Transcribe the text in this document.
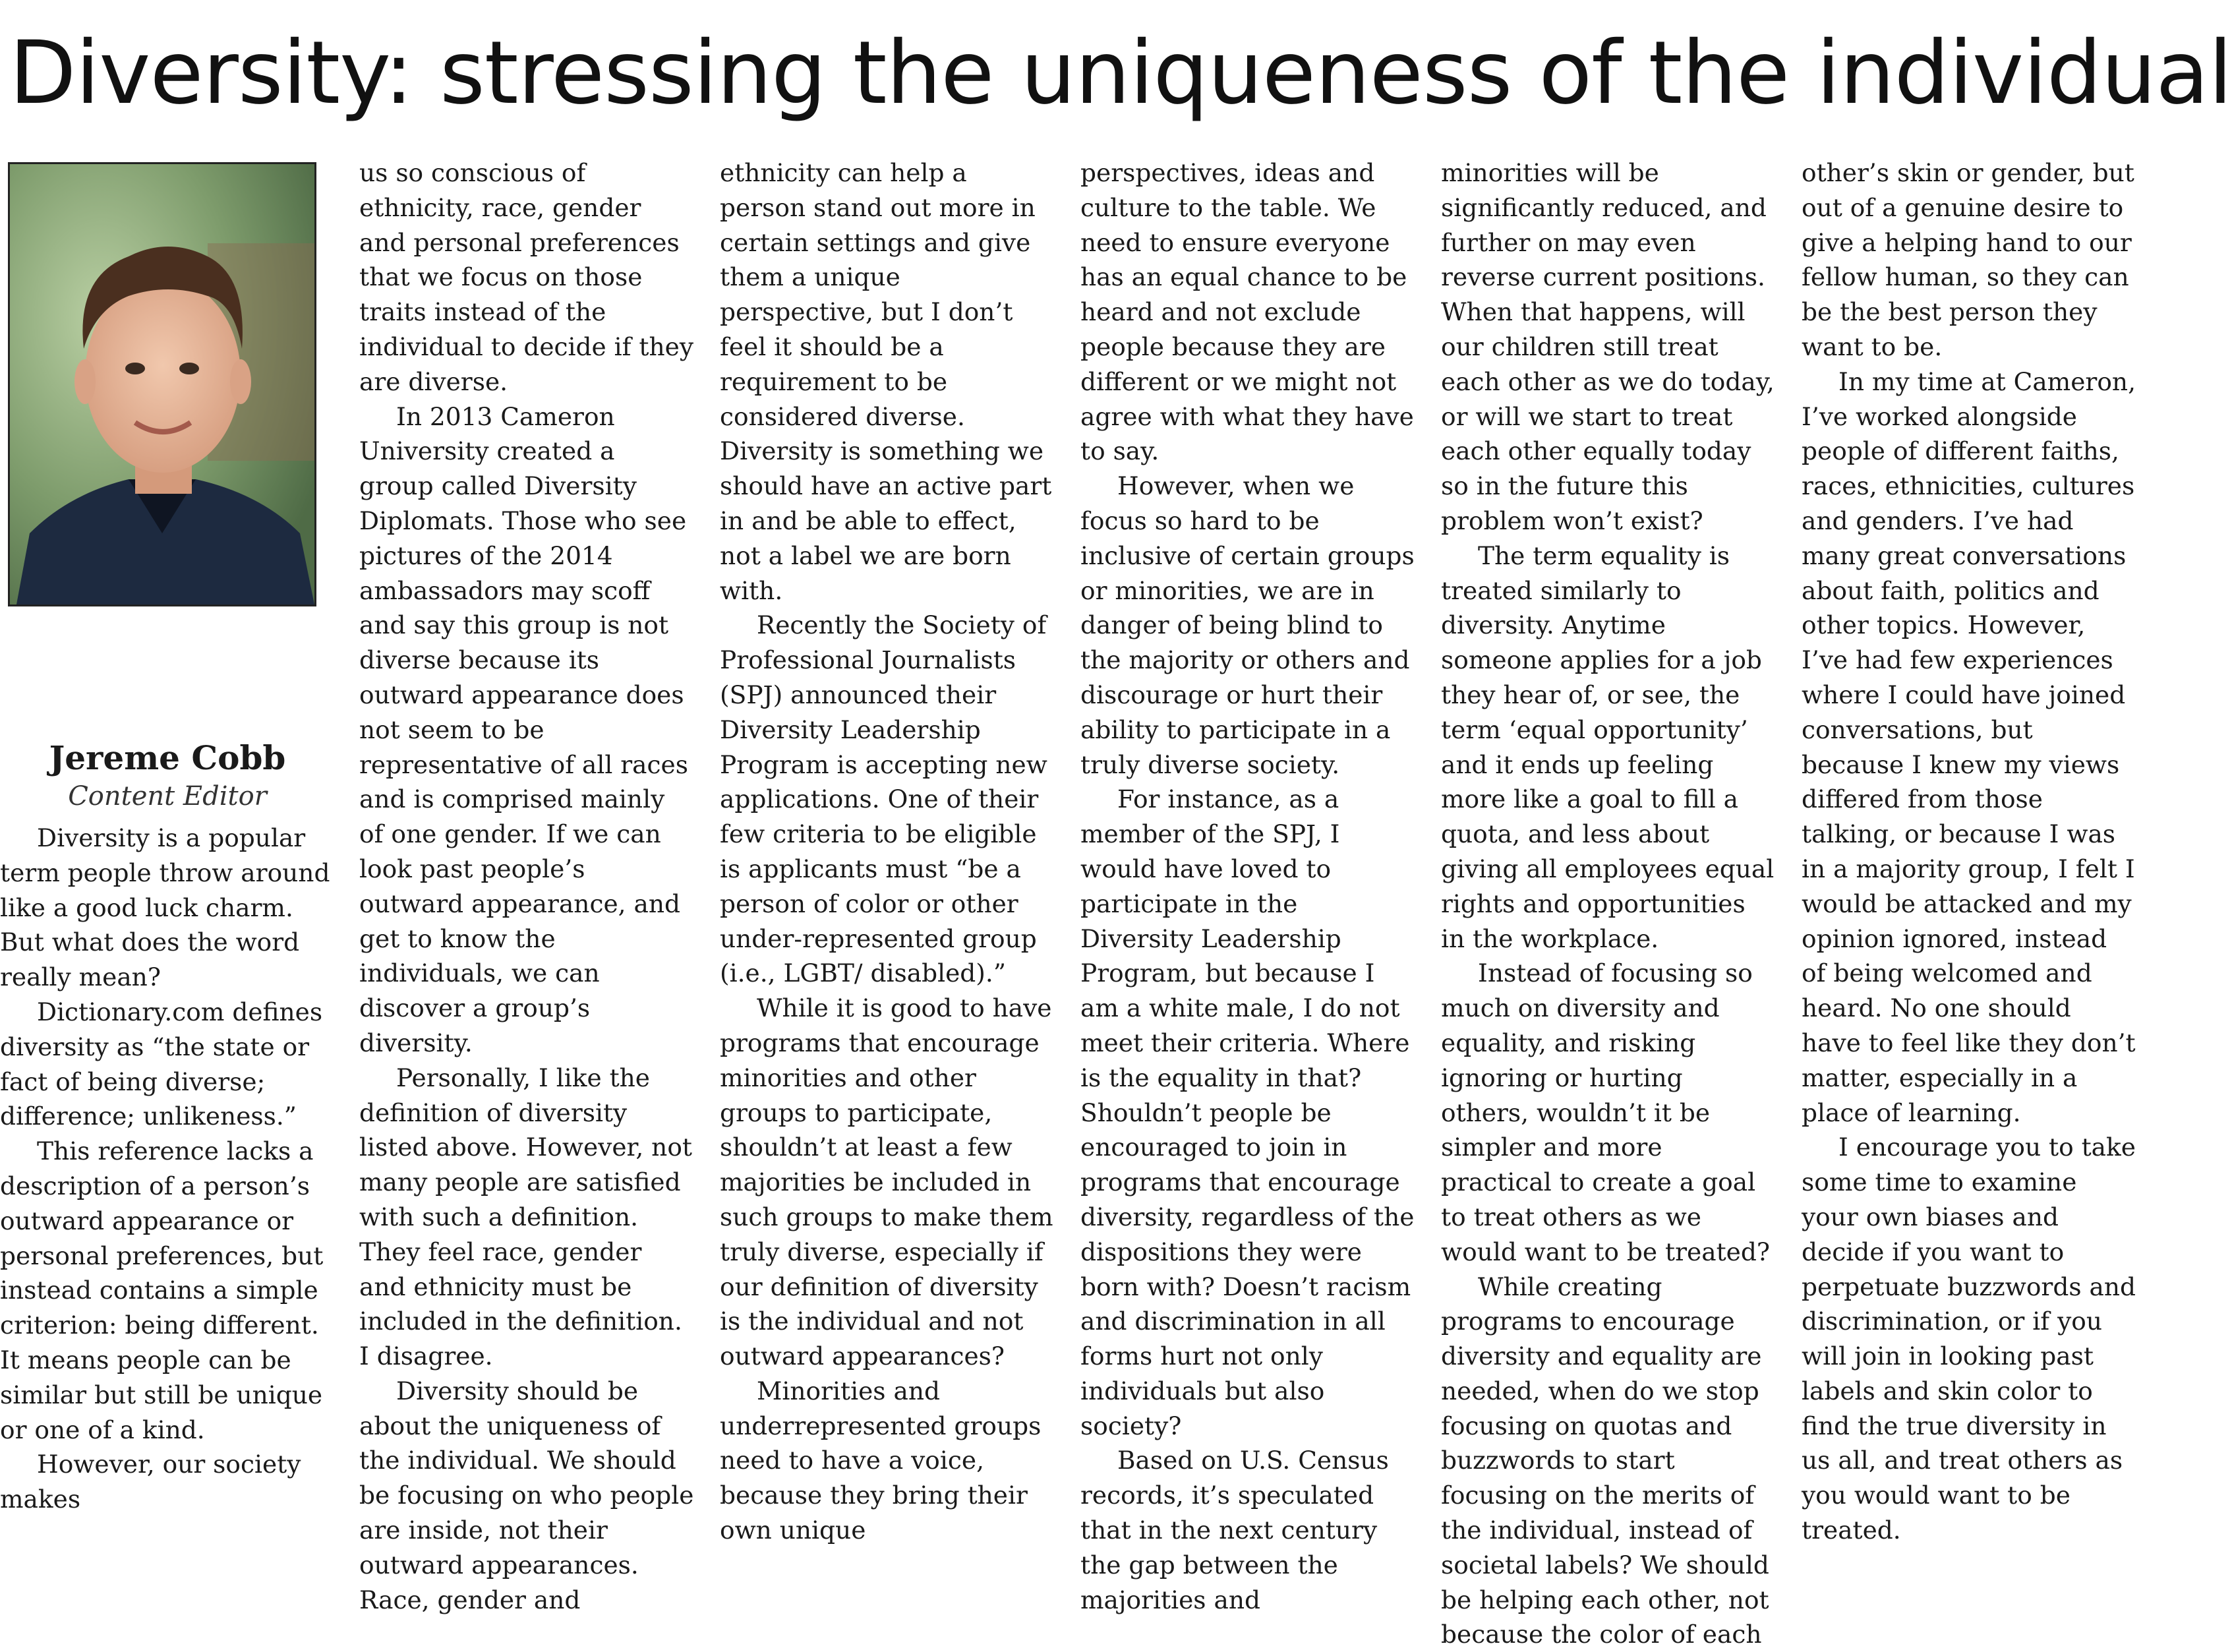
Diversity: stressing the uniqueness of the individual
Jereme Cobb
Content Editor

Diversity is a popular term people throw around like a good luck charm. But what does the word really mean?

Dictionary.com defines diversity as “the state or fact of being diverse; difference; unlikeness.”

This reference lacks a description of a person’s outward appearance or personal preferences, but instead contains a simple criterion: being different. It means people can be similar but still be unique or one of a kind.

However, our society makes

us so conscious of ethnicity, race, gender and personal preferences that we focus on those traits instead of the individual to decide if they are diverse.

In 2013 Cameron University created a group called Diversity Diplomats. Those who see pictures of the 2014 ambassadors may scoff and say this group is not diverse because its outward appearance does not seem to be representative of all races and is comprised mainly of one gender. If we can look past people’s outward appearance, and get to know the individuals, we can discover a group’s diversity.

Personally, I like the definition of diversity listed above. However, not many people are satisfied with such a definition. They feel race, gender and ethnicity must be included in the definition. I disagree.

Diversity should be about the uniqueness of the individual. We should be focusing on who people are inside, not their outward appearances. Race, gender and

ethnicity can help a person stand out more in certain settings and give them a unique perspective, but I don’t feel it should be a requirement to be considered diverse. Diversity is something we should have an active part in and be able to effect, not a label we are born with.

Recently the Society of Professional Journalists (SPJ) announced their Diversity Leadership Program is accepting new applications. One of their few criteria to be eligible is applicants must “be a person of color or other under-represented group (i.e., LGBT/ disabled).”

While it is good to have programs that encourage minorities and other groups to participate, shouldn’t at least a few majorities be included in such groups to make them truly diverse, especially if our definition of diversity is the individual and not outward appearances?

Minorities and underrepresented groups need to have a voice, because they bring their own unique

perspectives, ideas and culture to the table. We need to ensure everyone has an equal chance to be heard and not exclude people because they are different or we might not agree with what they have to say.

However, when we focus so hard to be inclusive of certain groups or minorities, we are in danger of being blind to the majority or others and discourage or hurt their ability to participate in a truly diverse society.

For instance, as a member of the SPJ, I would have loved to participate in the Diversity Leadership Program, but because I am a white male, I do not meet their criteria. Where is the equality in that? Shouldn’t people be encouraged to join in programs that encourage diversity, regardless of the dispositions they were born with? Doesn’t racism and discrimination in all forms hurt not only individuals but also society?

Based on U.S. Census records, it’s speculated that in the next century the gap between the majorities and

minorities will be significantly reduced, and further on may even reverse current positions. When that happens, will our children still treat each other as we do today, or will we start to treat each other equally today so in the future this problem won’t exist?

The term equality is treated similarly to diversity. Anytime someone applies for a job they hear of, or see, the term ‘equal opportunity’ and it ends up feeling more like a goal to fill a quota, and less about giving all employees equal rights and opportunities in the workplace.

Instead of focusing so much on diversity and equality, and risking ignoring or hurting others, wouldn’t it be simpler and more practical to create a goal to treat others as we would want to be treated?

While creating programs to encourage diversity and equality are needed, when do we stop focusing on quotas and buzzwords to start focusing on the merits of the individual, instead of societal labels? We should be helping each other, not because the color of each

other’s skin or gender, but out of a genuine desire to give a helping hand to our fellow human, so they can be the best person they want to be.

In my time at Cameron, I’ve worked alongside people of different faiths, races, ethnicities, cultures and genders. I’ve had many great conversations about faith, politics and other topics. However, I’ve had few experiences where I could have joined conversations, but because I knew my views differed from those talking, or because I was in a majority group, I felt I would be attacked and my opinion ignored, instead of being welcomed and heard. No one should have to feel like they don’t matter, especially in a place of learning.

I encourage you to take some time to examine your own biases and decide if you want to perpetuate buzzwords and discrimination, or if you will join in looking past labels and skin color to find the true diversity in us all, and treat others as you would want to be treated.
